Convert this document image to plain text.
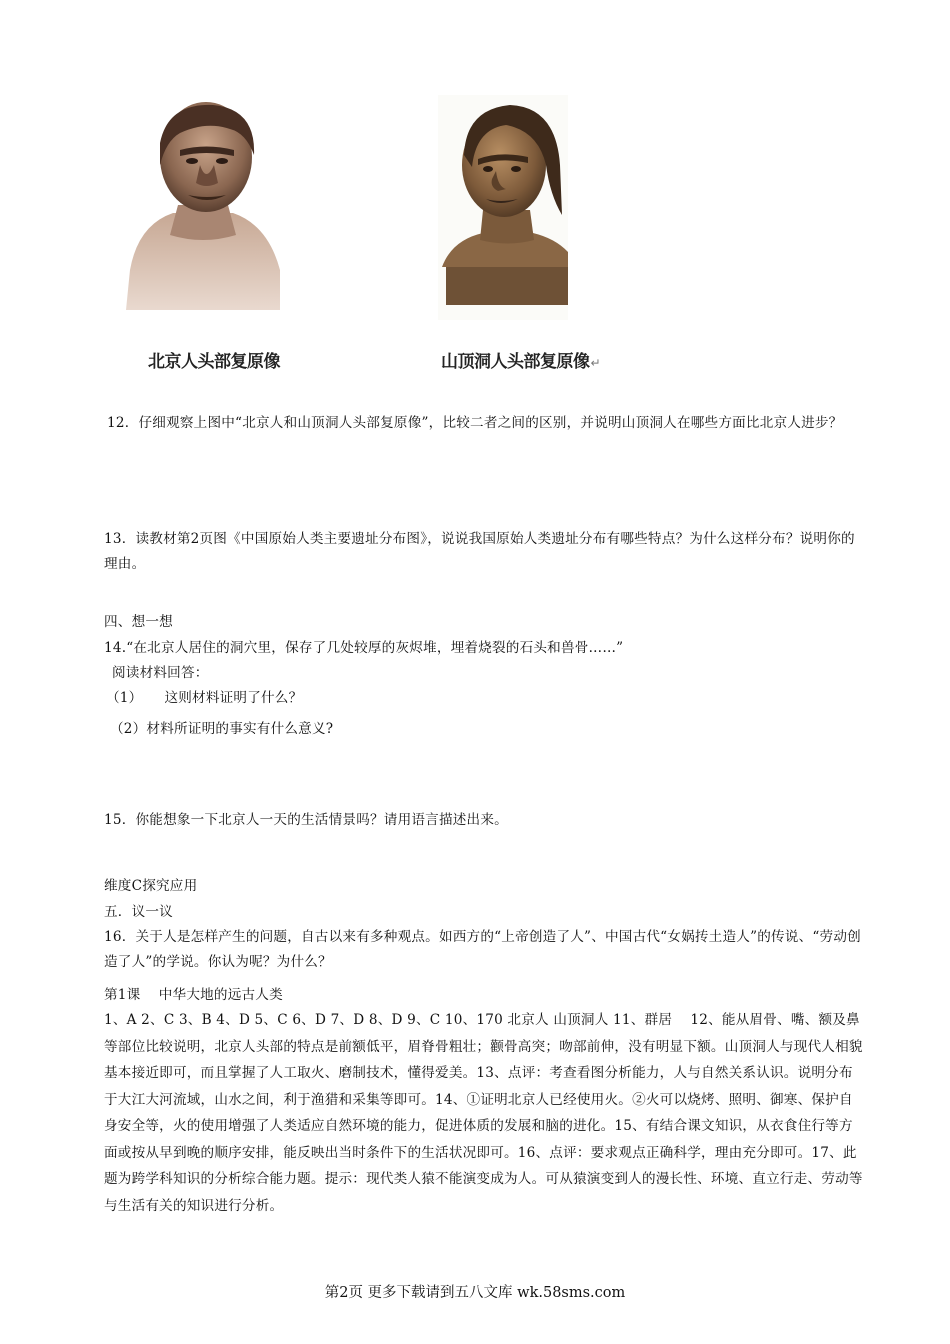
北京人头部复原像	山顶洞人头部复原像↵
12．仔细观察上图中“北京人和山顶洞人头部复原像”，比较二者之间的区别，并说明山顶洞人在哪些方面比北京人进步？
13．读教材第2页图《中国原始人类主要遗址分布图》，说说我国原始人类遗址分布有哪些特点？为什么这样分布？说明你的理由。
四、想一想
14.“在北京人居住的洞穴里，保存了几处较厚的灰烬堆，埋着烧裂的石头和兽骨……”
阅读材料回答：
（1） 这则材料证明了什么？
（2）材料所证明的事实有什么意义?
15．你能想象一下北京人一天的生活情景吗？请用语言描述出来。
维度C探究应用
五．议一议
16．关于人是怎样产生的问题，自古以来有多种观点。如西方的“上帝创造了人”、中国古代“女娲抟土造人”的传说、“劳动创造了人”的学说。你认为呢？为什么？
第1课　 中华大地的远古人类
1、A 2、C 3、B 4、D 5、C 6、D 7、D 8、D 9、C 10、170 北京人 山顶洞人 11、群居　 12、能从眉骨、嘴、额及鼻等部位比较说明，北京人头部的特点是前额低平，眉脊骨粗壮；颧骨高突；吻部前伸，没有明显下额。山顶洞人与现代人相貌基本接近即可，而且掌握了人工取火、磨制技术，懂得爱美。13、点评：考查看图分析能力，人与自然关系认识。说明分布于大江大河流域，山水之间，利于渔猎和采集等即可。14、①证明北京人已经使用火。②火可以烧烤、照明、御寒、保护自身安全等，火的使用增强了人类适应自然环境的能力，促进体质的发展和脑的进化。15、有结合课文知识，从衣食住行等方面或按从早到晚的顺序安排，能反映出当时条件下的生活状况即可。16、点评：要求观点正确科学，理由充分即可。17、此题为跨学科知识的分析综合能力题。提示：现代类人猿不能演变成为人。可从猿演变到人的漫长性、环境、直立行走、劳动等与生活有关的知识进行分析。
第2页 更多下载请到五八文库 wk.58sms.com
